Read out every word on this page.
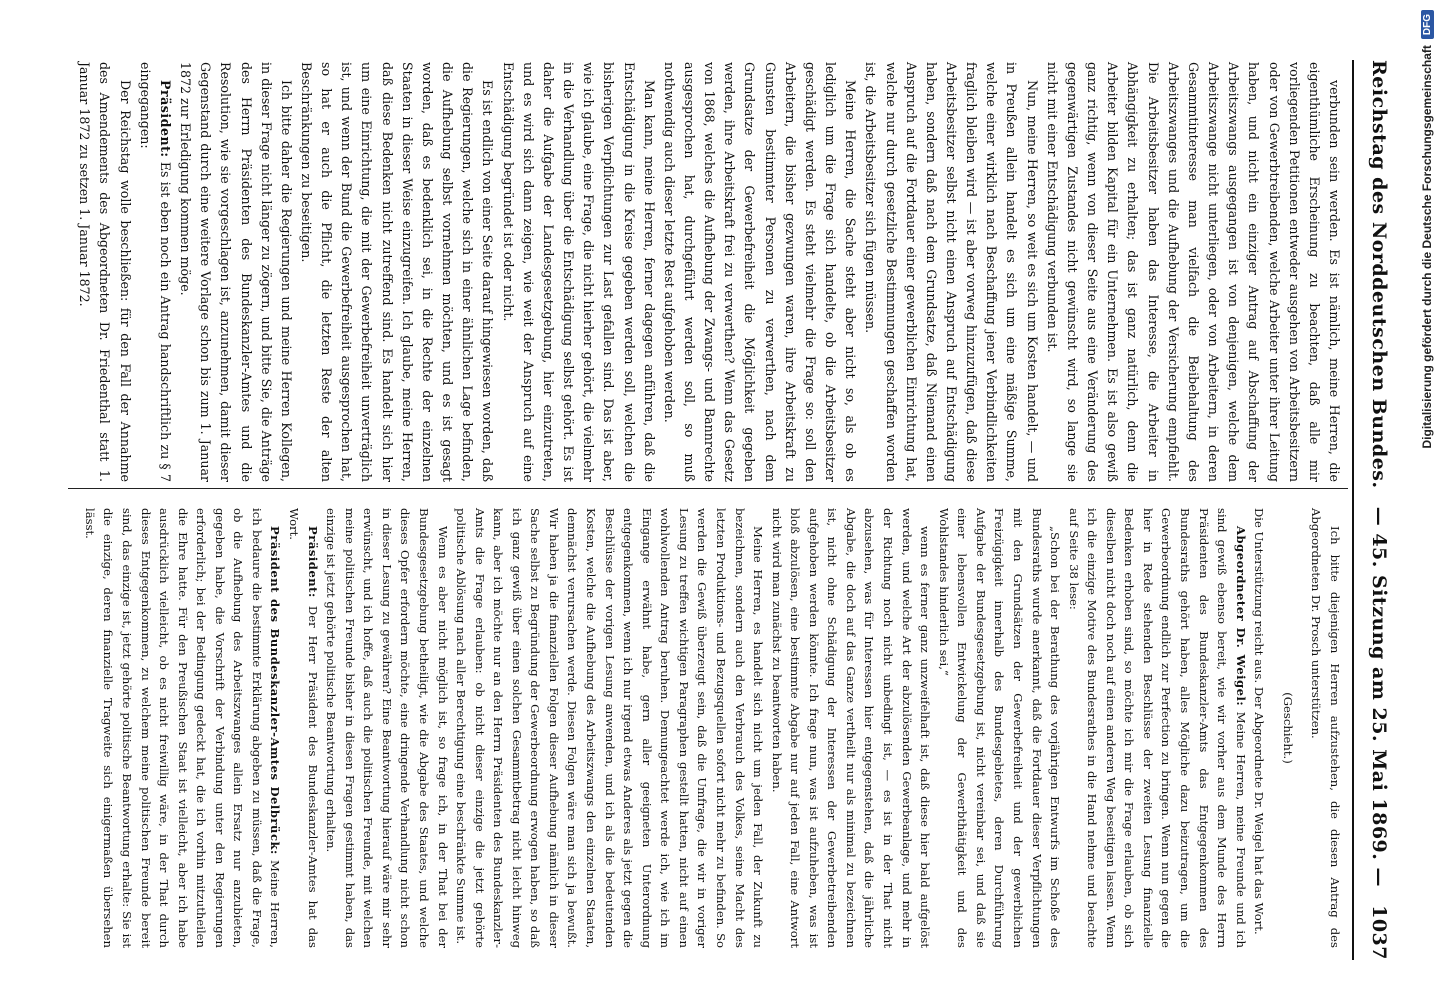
Reichstag des Norddeutschen Bundes.
— 45. Sitzung am 25. Mai 1869. —
1037

verbunden sein werden. Es ist nämlich, meine Herren, die eigenthümliche Erscheinung zu beachten, daß alle mir vorliegenden Petitionen entweder ausgehen von Arbeitsbesitzern oder von Gewerbtreibenden, welche Arbeiter unter ihrer Leitung haben, und nicht ein einziger Antrag auf Abschaffung der Arbeitszwangs ausgegangen ist von denjenigen, welche dem Arbeitszwange nicht unterliegen, oder von Arbeitern, in deren Gesammtinteresse man vielfach die Beibehaltung des Arbeitszwanges und die Aufhebung der Versicherung empfiehlt. Die Arbeitsbesitzer haben das Interesse, die Arbeiter in Abhängigkeit zu erhalten; das ist ganz natürlich, denn die Arbeiter bilden Kapital für ein Unternehmen. Es ist also gewiß ganz richtig, wenn von dieser Seite aus eine Veränderung des gegenwärtigen Zustandes nicht gewünscht wird, so lange sie nicht mit einer Entschädigung verbunden ist.

Nun, meine Herren, so weit es sich um Kosten handelt, — und in Preußen allein handelt es sich um eine mäßige Summe, welche einer wirklich nach Beschaffung jener Verbindlichkeiten fraglich bleiben wird — ist aber vorweg hinzuzufügen, daß diese Arbeitsbesitzer selbst nicht einen Anspruch auf Entschädigung haben, sondern daß nach dem Grundsatze, daß Niemand einen Anspruch auf die Fortdauer einer gewerblichen Einrichtung hat, welche nur durch gesetzliche Bestimmungen geschaffen worden ist, die Arbeitsbesitzer sich fügen müssen.

Meine Herren, die Sache steht aber nicht so, als ob es lediglich um die Frage sich handelte, ob die Arbeitsbesitzer geschädigt werden. Es steht vielmehr die Frage so: soll den Arbeitern, die bisher gezwungen waren, ihre Arbeitskraft zu Gunsten bestimmter Personen zu verwerthen, nach dem Grundsatze der Gewerbefreiheit die Möglichkeit gegeben werden, ihre Arbeitskraft frei zu verwerthen? Wenn das Gesetz von 1868, welches die Aufhebung der Zwangs- und Bannrechte ausgesprochen hat, durchgeführt werden soll, so muß nothwendig auch dieser letzte Rest aufgehoben werden.

Man kann, meine Herren, ferner dagegen anführen, daß die Entschädigung in die Kreise gegeben werden soll, welchen die bisherigen Verpflichtungen zur Last gefallen sind. Das ist aber, wie ich glaube, eine Frage, die nicht hierher gehört, die vielmehr in die Verhandlung über die Entschädigung selbst gehört. Es ist daher die Aufgabe der Landesgesetzgebung, hier einzutreten, und es wird sich dann zeigen, wie weit der Anspruch auf eine Entschädigung begründet ist oder nicht.

Es ist endlich von einer Seite darauf hingewiesen worden, daß die Regierungen, welche sich in einer ähnlichen Lage befinden, die Aufhebung selbst vornehmen möchten, und es ist gesagt worden, daß es bedenklich sei, in die Rechte der einzelnen Staaten in dieser Weise einzugreifen. Ich glaube, meine Herren, daß diese Bedenken nicht zutreffend sind. Es handelt sich hier um eine Einrichtung, die mit der Gewerbefreiheit unverträglich ist, und wenn der Bund die Gewerbefreiheit ausgesprochen hat, so hat er auch die Pflicht, die letzten Reste der alten Beschränkungen zu beseitigen.

Ich bitte daher die Regierungen und meine Herren Kollegen, in dieser Frage nicht länger zu zögern, und bitte Sie, die Anträge des Herrn Präsidenten des Bundeskanzler-Amtes und die Resolution, wie sie vorgeschlagen ist, anzunehmen, damit dieser Gegenstand durch eine weitere Vorlage schon bis zum 1. Januar 1872 zur Erledigung kommen möge.

Präsident: Es ist eben noch ein Antrag handschriftlich zu § 7 eingegangen:

Der Reichstag wolle beschließen: für den Fall der Annahme des Amendements des Abgeordneten Dr. Friedenthal statt 1. Januar 1872 zu setzen 1. Januar 1872.

Ich bitte diejenigen Herren aufzustehen, die diesen Antrag des Abgeordneten Dr. Prosch unterstützen.

(Geschieht.)

Die Unterstützung reicht aus. Der Abgeordnete Dr. Weigel hat das Wort.

Abgeordneter Dr. Weigel: Meine Herren, meine Freunde und ich sind gewiß ebenso bereit, wie wir vorher aus dem Munde des Herrn Präsidenten des Bundeskanzler-Amts das Entgegenkommen des Bundesraths gehört haben, alles Mögliche dazu beizutragen, um die Gewerbeordnung endlich zur Perfection zu bringen. Wenn nun gegen die hier in Rede stehenden Beschlüsse der zweiten Lesung finanzielle Bedenken erhoben sind, so möchte ich mir die Frage erlauben, ob sich dieselben nicht doch noch auf einen anderen Weg beseitigen lassen. Wenn ich die einzige Motive des Bundesrathes in die Hand nehme und beachte auf Seite 38 lese:

„Schon bei der Berathung des vorjährigen Entwurfs im Schoße des Bundesraths wurde anerkannt, daß die Fortdauer dieser Verpflichtungen mit den Grundsätzen der Gewerbefreiheit und der gewerblichen Freizügigkeit innerhalb des Bundesgebietes, deren Durchführung Aufgabe der Bundesgesetzgebung ist, nicht vereinbar sei, und daß sie einer lebensvollen Entwickelung der Gewerbthätigkeit und des Wohlstandes hinderlich sei,“

wenn es ferner ganz unzweifelhaft ist, daß diese hier bald aufgelöst werden, und welche Art der abzulösenden Gewerbeanlage, und mehr in der Richtung noch nicht unbedingt ist, — es ist in der That nicht abzusehen, was für Interessen hier entgegenstehen, daß die jährliche Abgabe, die doch auf das Ganze vertheilt nur als minimal zu bezeichnen ist, nicht ohne Schädigung der Interessen der Gewerbetreibenden aufgehoben werden könnte. Ich frage nun, was ist aufzuheben, was ist bloß abzulösen, eine bestimmte Abgabe nur auf jeden Fall, eine Antwort nicht wird man zunächst zu beantworten haben.

Meine Herren, es handelt sich nicht um jeden Fall, der Zukunft zu bezeichnen, sondern auch den Verbrauch des Volkes, seine Macht des letzten Produktions- und Bezugsquellen sofort nicht mehr zu befinden. So werden die Gewiß überzeugt sein, daß die Umfrage, die wir in voriger Lesung zu treffen wichtigen Paragraphen gestellt hatten, nicht auf einen wohlwollenden Antrag beruhen. Demungeachtet werde ich, wie ich im Eingange erwähnt habe, gern aller geeigneten Unterordnung entgegenkommen, wenn ich nur irgend etwas Anderes als jetzt gegen die Beschlüsse der vorigen Lesung anwenden, und ich als die bedeutenden Kosten, welche die Aufhebung des Arbeitszwangs den einzelnen Staaten, demnächst verursachen werde. Diesen Folgen wäre man sich ja bewußt. Wir haben ja die finanziellen Folgen dieser Aufhebung nämlich in dieser Sache selbst zu Begründung der Gewerbeordnung erwogen haben, so daß ich ganz gewiß über einen solchen Gesammtbetrag nicht leicht hinweg kann, aber ich möchte nur an den Herrn Präsidenten des Bundeskanzler-Amts die Frage erlauben: ob nicht dieser einzige die jetzt gehörte politische Ablösung nach aller Berechtigung eine beschränkte Summe ist.

Wenn es aber nicht möglich ist, so frage ich, in der That bei der Bundesgesetzgebung betheiligt, wie die Abgabe des Staates, und welche dieses Opfer erfordern möchte, eine dringende Verhandlung nicht schon in dieser Lesung zu gewähren? Eine Beantwortung hierauf wäre mir sehr erwünscht, und ich hoffe, daß auch die politischen Freunde, mit welchen meine politischen Freunde bisher in diesen Fragen gestimmt haben, das einzige ist jetzt gehörte politische Beantwortung erhalten.

Präsident: Der Herr Präsident des Bundeskanzler-Amtes hat das Wort.

Präsident des Bundeskanzler-Amtes Delbrück: Meine Herren, ich bedaure die bestimmte Erklärung abgeben zu müssen, daß die Frage, ob die Aufhebung des Arbeitszwanges allein Ersatz nur anzubieten, gegeben habe, die Vorschrift der Verbindung unter den Regierungen erforderlich; bei der Bedingung gedeckt hat, die ich vorhin mitzutheilen die Ehre hatte. Für den Preußischen Staat ist vielleicht, aber ich habe ausdrücklich vielleicht, ob es nicht freiwillig wäre, in der That durch dieses Entgegenkommen, zu welchem meine politischen Freunde bereit sind, das einzige ist, jetzt gehörte politische Beantwortung erhalte: Sie ist die einzige, deren finanzielle Tragweite sich einigermaßen übersehen lässt.

DFG
Digitalisierung gefördert durch die Deutsche Forschungsgemeinschaft
